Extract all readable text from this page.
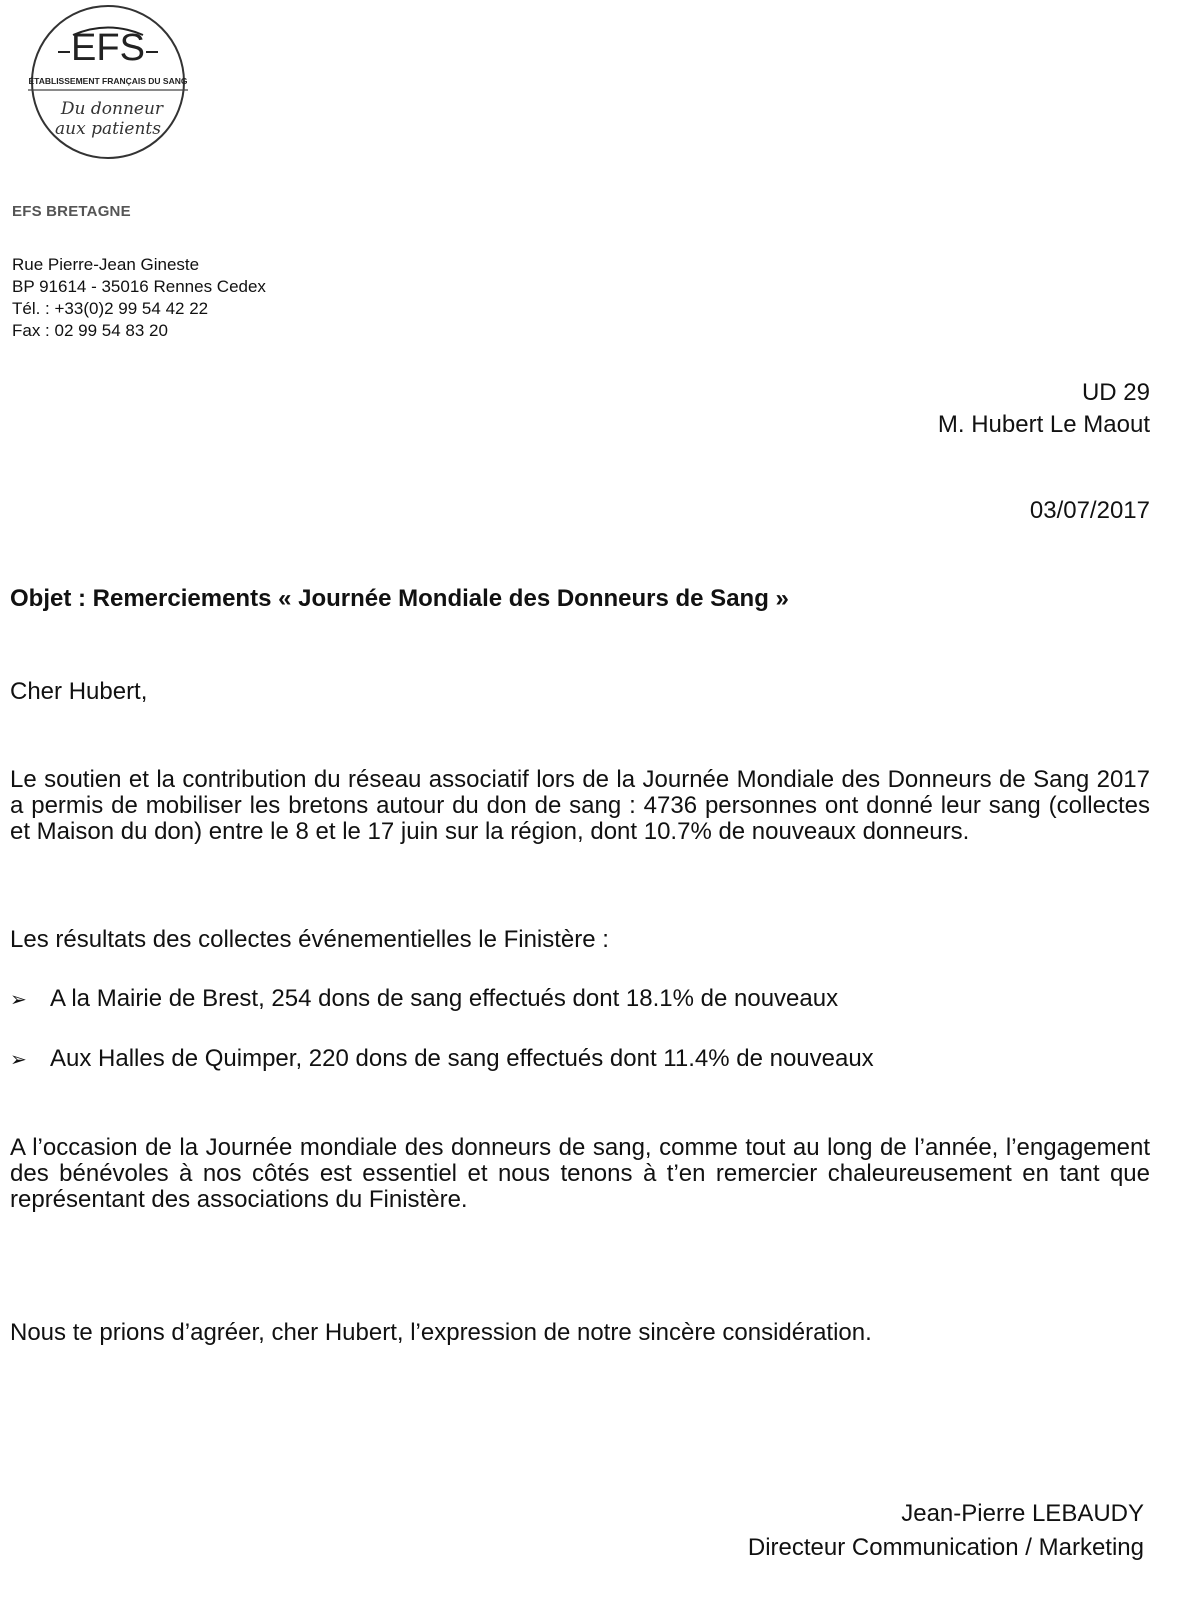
EFS
ÉTABLISSEMENT FRANÇAIS DU SANG
Du donneur
aux patients
EFS BRETAGNE
Rue Pierre-Jean Gineste
BP 91614 - 35016 Rennes Cedex
Tél. : +33(0)2 99 54 42 22
Fax : 02 99 54 83 20
UD 29
M. Hubert Le Maout
03/07/2017
Objet : Remerciements « Journée Mondiale des Donneurs de Sang »
Cher Hubert,
Le soutien et la contribution du réseau associatif lors de la Journée Mondiale des Donneurs de Sang 2017 a permis de mobiliser les bretons autour du don de sang : 4736 personnes ont donné leur sang (collectes et Maison du don) entre le 8 et le 17 juin sur la région, dont 10.7% de nouveaux donneurs.
Les résultats des collectes événementielles le Finistère :
➢ A la Mairie de Brest, 254 dons de sang effectués dont 18.1% de nouveaux
➢ Aux Halles de Quimper, 220 dons de sang effectués dont 11.4% de nouveaux
A l’occasion de la Journée mondiale des donneurs de sang, comme tout au long de l’année, l’engagement des bénévoles à nos côtés est essentiel et nous tenons à t’en remercier chaleureusement en tant que représentant des associations du Finistère.
Nous te prions d’agréer, cher Hubert, l’expression de notre sincère considération.
Jean-Pierre LEBAUDY
Directeur Communication / Marketing
